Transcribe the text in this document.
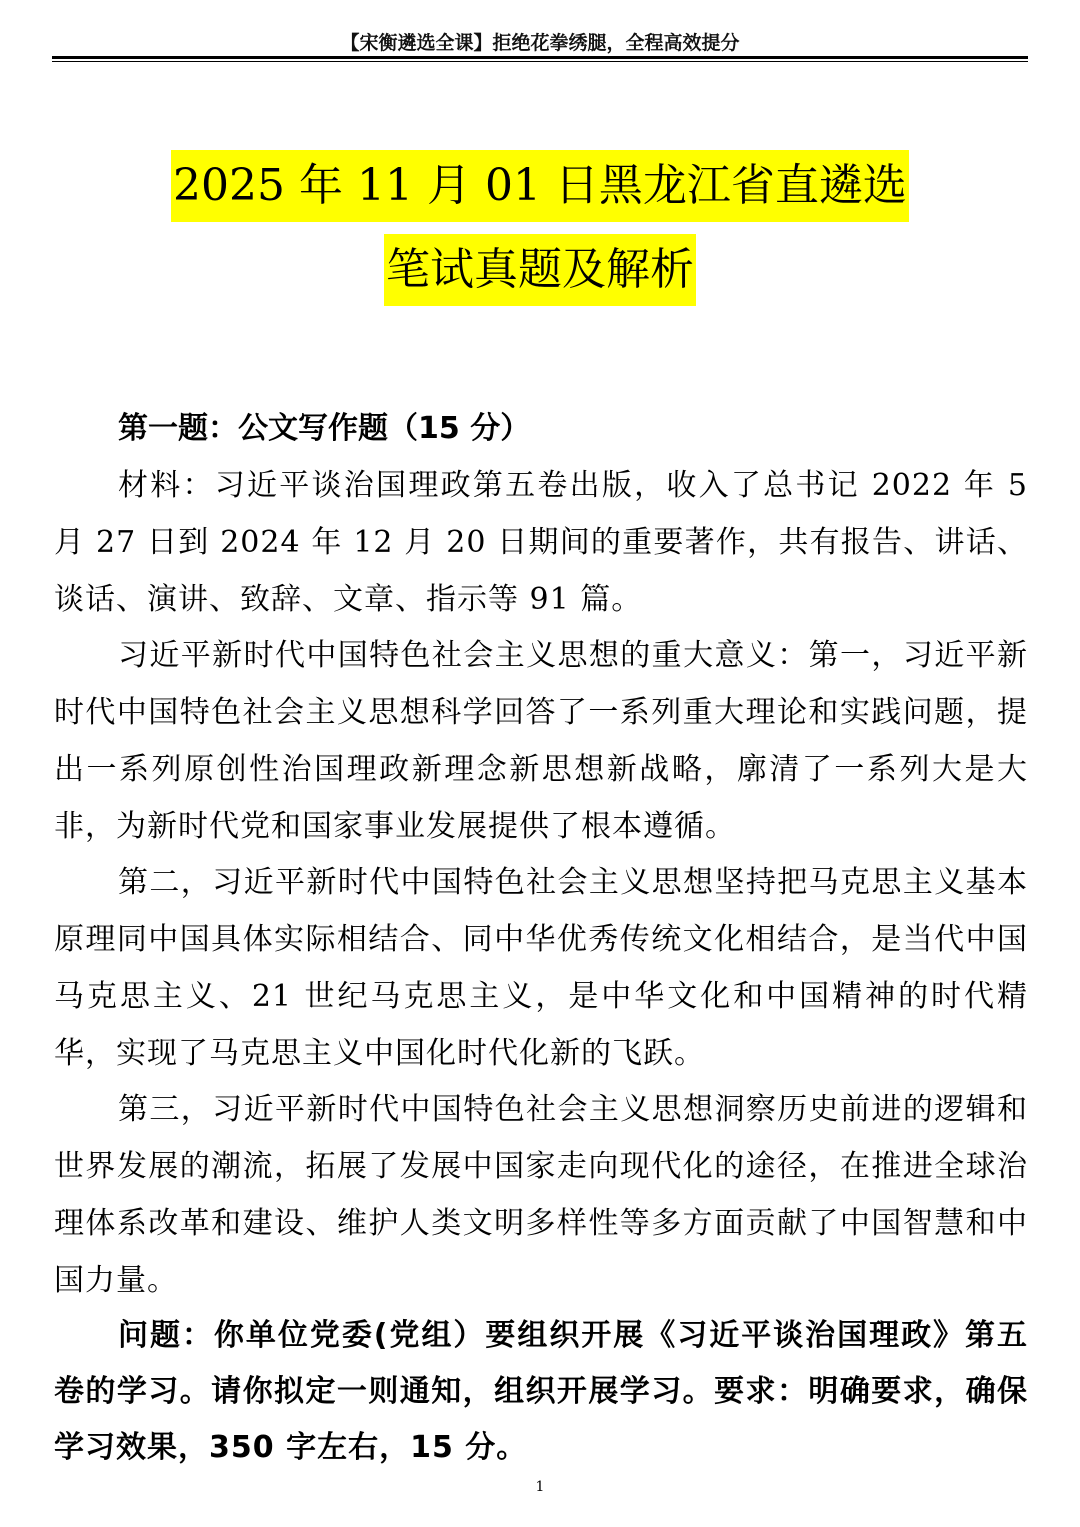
【宋衡遴选全课】拒绝花拳绣腿，全程高效提分
2025 年 11 月 01 日黑龙江省直遴选
笔试真题及解析
第一题：公文写作题（15 分）
材料：习近平谈治国理政第五卷出版，收入了总书记 2022 年 5 月 27 日到 2024 年 12 月 20 日期间的重要著作，共有报告、讲话、谈话、演讲、致辞、文章、指示等 91 篇。
习近平新时代中国特色社会主义思想的重大意义：第一，习近平新时代中国特色社会主义思想科学回答了一系列重大理论和实践问题，提出一系列原创性治国理政新理念新思想新战略，廓清了一系列大是大非，为新时代党和国家事业发展提供了根本遵循。
第二，习近平新时代中国特色社会主义思想坚持把马克思主义基本原理同中国具体实际相结合、同中华优秀传统文化相结合，是当代中国马克思主义、21 世纪马克思主义，是中华文化和中国精神的时代精华，实现了马克思主义中国化时代化新的飞跃。
第三，习近平新时代中国特色社会主义思想洞察历史前进的逻辑和世界发展的潮流，拓展了发展中国家走向现代化的途径，在推进全球治理体系改革和建设、维护人类文明多样性等多方面贡献了中国智慧和中国力量。
问题：你单位党委(党组）要组织开展《习近平谈治国理政》第五卷的学习。请你拟定一则通知，组织开展学习。要求：明确要求，确保学习效果，350 字左右，15 分。
1
